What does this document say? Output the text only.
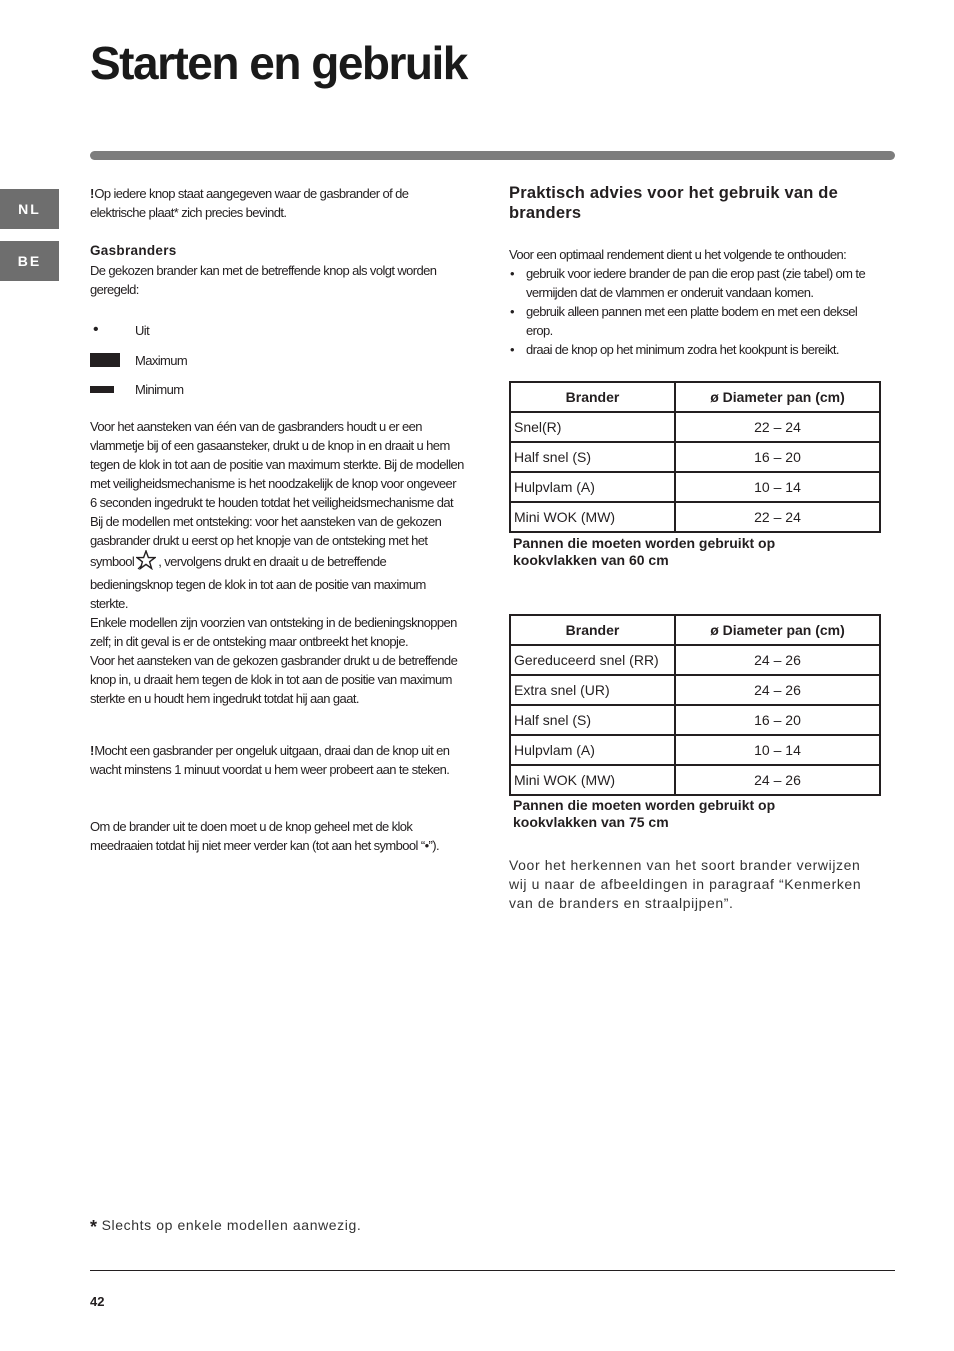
Starten en gebruik
NL
BE

!Op iedere knop staat aangegeven waar de gasbrander of de elektrische plaat* zich precies bevindt.

Gasbranders

De gekozen brander kan met de betreffende knop als volgt worden geregeld:

•	Uit
Maximum
Minimum
Voor het aansteken van één van de gasbranders houdt u er een vlammetje bij of een gasaansteker, drukt u de knop in en draait u hem tegen de klok in tot aan de positie van maximum sterkte. Bij de modellen met veiligheidsmechanisme is het noodzakelijk de knop voor ongeveer 6 seconden ingedrukt te houden totdat het veiligheidsmechanisme dat Bij de modellen met ontsteking: voor het aansteken van de gekozen gasbrander drukt u eerst op het knopje van de ontsteking met het symbool , vervolgens drukt en draait u de betreffende bedieningsknop tegen de klok in tot aan de positie van maximum sterkte.
Enkele modellen zijn voorzien van ontsteking in de bedieningsknoppen zelf; in dit geval is er de ontsteking maar ontbreekt het knopje.
Voor het aansteken van de gekozen gasbrander drukt u de betreffende knop in, u draait hem tegen de klok in tot aan de positie van maximum sterkte en u houdt hem ingedrukt totdat hij aan gaat.

!Mocht een gasbrander per ongeluk uitgaan, draai dan de knop uit en wacht minstens 1 minuut voordat u hem weer probeert aan te steken.

Om de brander uit te doen moet u de knop geheel met de klok meedraaien totdat hij niet meer verder kan (tot aan het symbool “•”).

Praktisch advies voor het gebruik van de branders

Voor een optimaal rendement dient u het volgende te onthouden:

• gebruik voor iedere brander de pan die erop past (zie tabel) om te vermijden dat de vlammen er onderuit vandaan komen.
• gebruik alleen pannen met een platte bodem en met een deksel erop.
• draai de knop op het minimum zodra het kookpunt is bereikt.
Brander	ø Diameter pan (cm)
Snel(R)	22 – 24
Half snel (S)	16 – 20
Hulpvlam (A)	10 – 14
Mini WOK (MW)	22 – 24
Pannen die moeten worden gebruikt op kookvlakken van 60 cm
Brander	ø Diameter pan (cm)
Gereduceerd snel (RR)	24 – 26
Extra snel (UR)	24 – 26
Half snel (S)	16 – 20
Hulpvlam (A)	10 – 14
Mini WOK (MW)	24 – 26
Pannen die moeten worden gebruikt op kookvlakken van 75 cm

Voor het herkennen van het soort brander verwijzen wij u naar de afbeeldingen in paragraaf “Kenmerken van de branders en straalpijpen”.

* Slechts op enkele modellen aanwezig.
42
